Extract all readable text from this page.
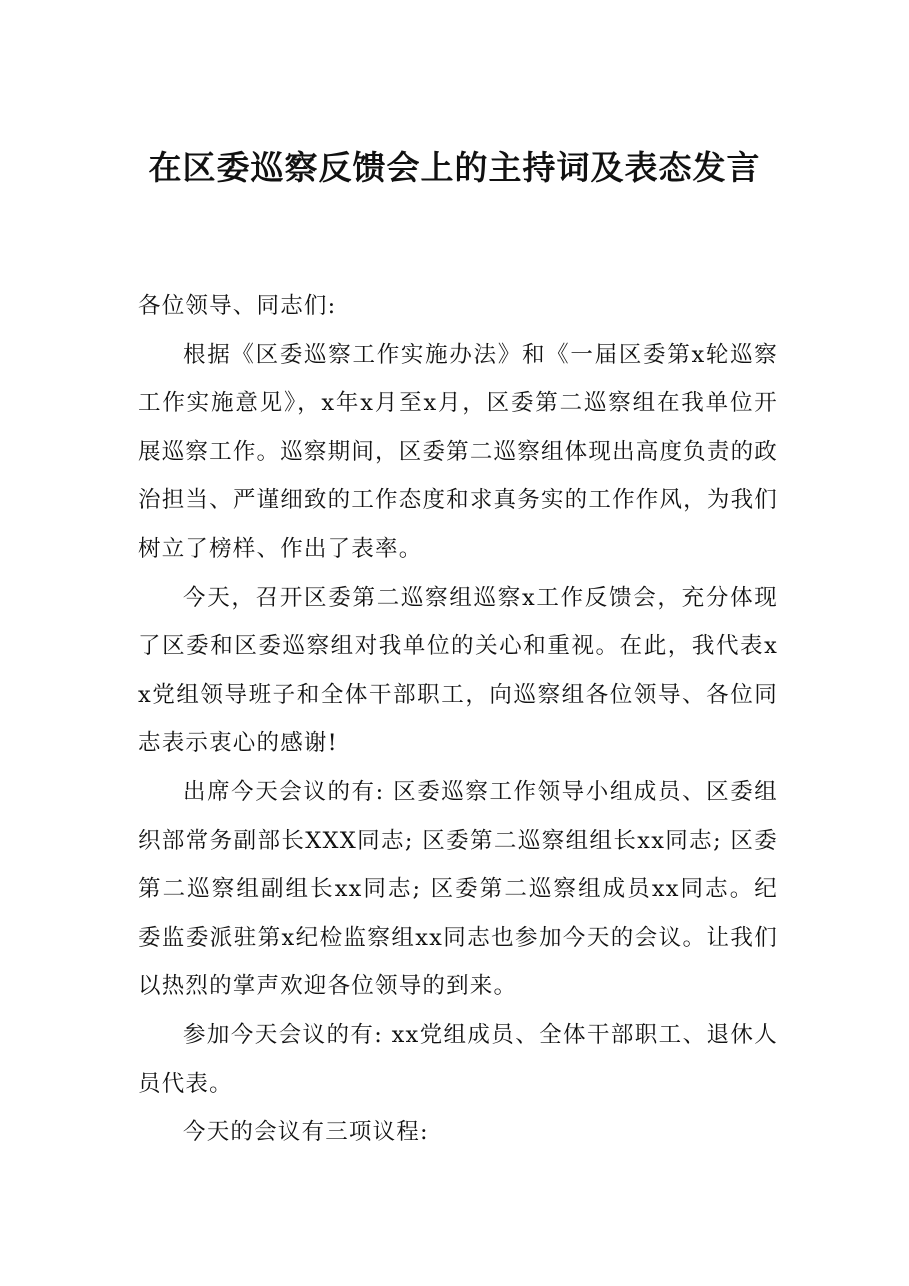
在区委巡察反馈会上的主持词及表态发言

各位领导、同志们:

根据《区委巡察工作实施办法》和《一届区委第x轮巡察工作实施意见》，x年x月至x月，区委第二巡察组在我单位开展巡察工作。巡察期间，区委第二巡察组体现出高度负责的政治担当、严谨细致的工作态度和求真务实的工作作风，为我们树立了榜样、作出了表率。

今天，召开区委第二巡察组巡察x工作反馈会，充分体现了区委和区委巡察组对我单位的关心和重视。在此，我代表xx党组领导班子和全体干部职工，向巡察组各位领导、各位同志表示衷心的感谢!

出席今天会议的有: 区委巡察工作领导小组成员、区委组织部常务副部长XXX同志; 区委第二巡察组组长xx同志; 区委第二巡察组副组长xx同志; 区委第二巡察组成员xx同志。纪委监委派驻第x纪检监察组xx同志也参加今天的会议。让我们以热烈的掌声欢迎各位领导的到来。

参加今天会议的有: xx党组成员、全体干部职工、退休人员代表。

今天的会议有三项议程:
